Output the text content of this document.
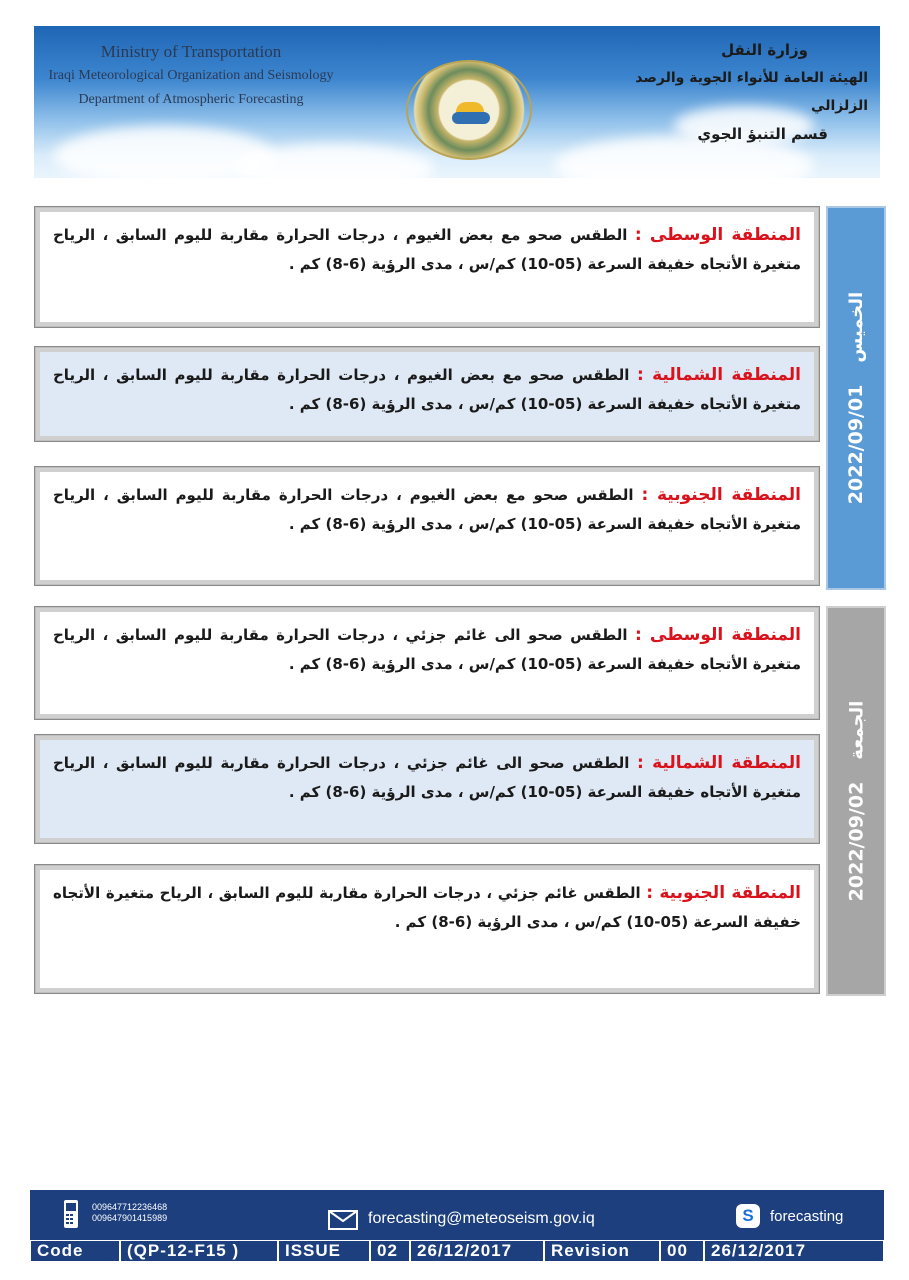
Ministry of Transportation
Iraqi Meteorological Organization and Seismology
Department of Atmospheric Forecasting
وزارة النقل
الهيئة العامة للأنواء الجوية والرصد الزلزالي
قسم التنبؤ الجوي
2022/09/01
الخميس

المنطقة الوسطى : الطقس صحو مع بعض الغيوم ، درجات الحرارة مقاربة لليوم السابق ، الرياح متغيرة الأتجاه خفيفة السرعة (05-10) كم/س ، مدى الرؤية (6-8) كم .

المنطقة الشمالية : الطقس صحو مع بعض الغيوم ، درجات الحرارة مقاربة لليوم السابق ، الرياح متغيرة الأتجاه خفيفة السرعة (05-10) كم/س ، مدى الرؤية (6-8) كم .

المنطقة الجنوبية : الطقس صحو مع بعض الغيوم ، درجات الحرارة مقاربة لليوم السابق ، الرياح متغيرة الأتجاه خفيفة السرعة (05-10) كم/س ، مدى الرؤية (6-8) كم .

2022/09/02
الجمعة

المنطقة الوسطى : الطقس صحو الى غائم جزئي ، درجات الحرارة مقاربة لليوم السابق ، الرياح متغيرة الأتجاه خفيفة السرعة (05-10) كم/س ، مدى الرؤية (6-8) كم .

المنطقة الشمالية : الطقس صحو الى غائم جزئي ، درجات الحرارة مقاربة لليوم السابق ، الرياح متغيرة الأتجاه خفيفة السرعة (05-10) كم/س ، مدى الرؤية (6-8) كم .

المنطقة الجنوبية : الطقس غائم جزئي ، درجات الحرارة مقاربة لليوم السابق ، الرياح متغيرة الأتجاه خفيفة السرعة (05-10) كم/س ، مدى الرؤية (6-8) كم .

009647712236468
009647901415989	forecasting@meteoseism.gov.iq	S	forecasting
Code	(QP-12-F15 )	ISSUE	02	26/12/2017	Revision	00	26/12/2017
